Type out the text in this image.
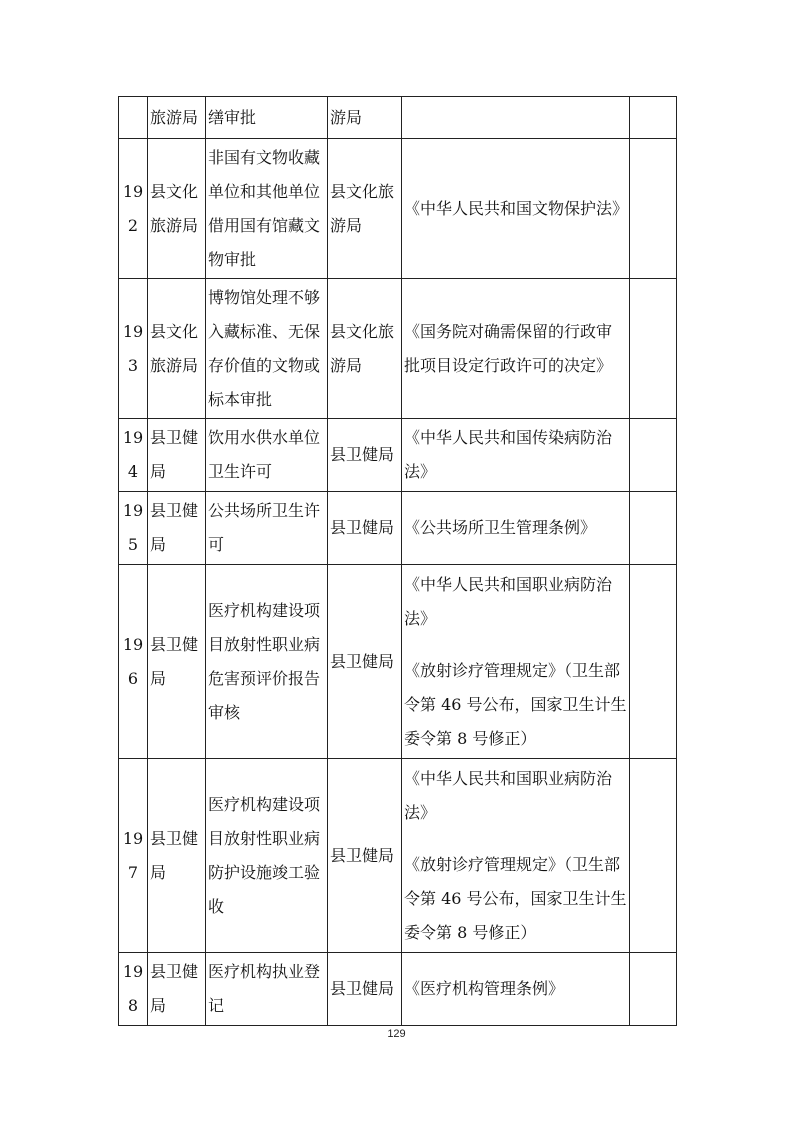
	旅游局	缮审批	游局		
192	县文化旅游局	非国有文物收藏单位和其他单位借用国有馆藏文物审批	县文化旅游局	《中华人民共和国文物保护法》	

193	县文化旅游局	博物馆处理不够入藏标准、无保存价值的文物或标本审批	县文化旅游局	《国务院对确需保留的行政审批项目设定行政许可的决定》	

194	县卫健局	饮用水供水单位卫生许可	县卫健局	《中华人民共和国传染病防治法》	

195	县卫健局	公共场所卫生许可	县卫健局	《公共场所卫生管理条例》	

196	县卫健局	医疗机构建设项目放射性职业病危害预评价报告审核	县卫健局	《中华人民共和国职业病防治法》
《放射诊疗管理规定》（卫生部令第 46 号公布，国家卫生计生委令第 8 号修正）	

197	县卫健局	医疗机构建设项目放射性职业病防护设施竣工验收	县卫健局	《中华人民共和国职业病防治法》
《放射诊疗管理规定》（卫生部令第 46 号公布，国家卫生计生委令第 8 号修正）	

198	县卫健局	医疗机构执业登记	县卫健局	《医疗机构管理条例》	

129
